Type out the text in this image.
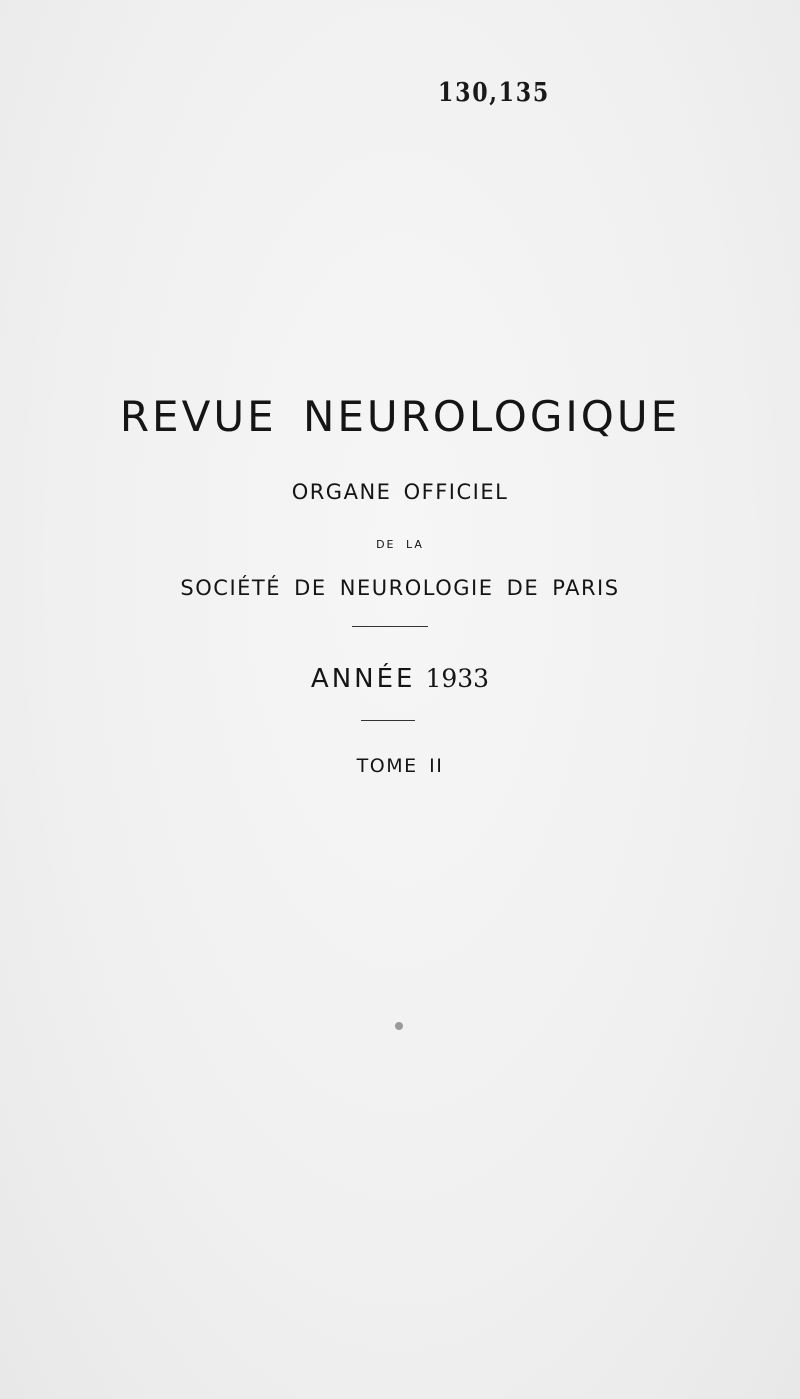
130,135
REVUE NEUROLOGIQUE
ORGANE OFFICIEL
DE LA
SOCIÉTÉ DE NEUROLOGIE DE PARIS
ANNÉE 1933
TOME II
